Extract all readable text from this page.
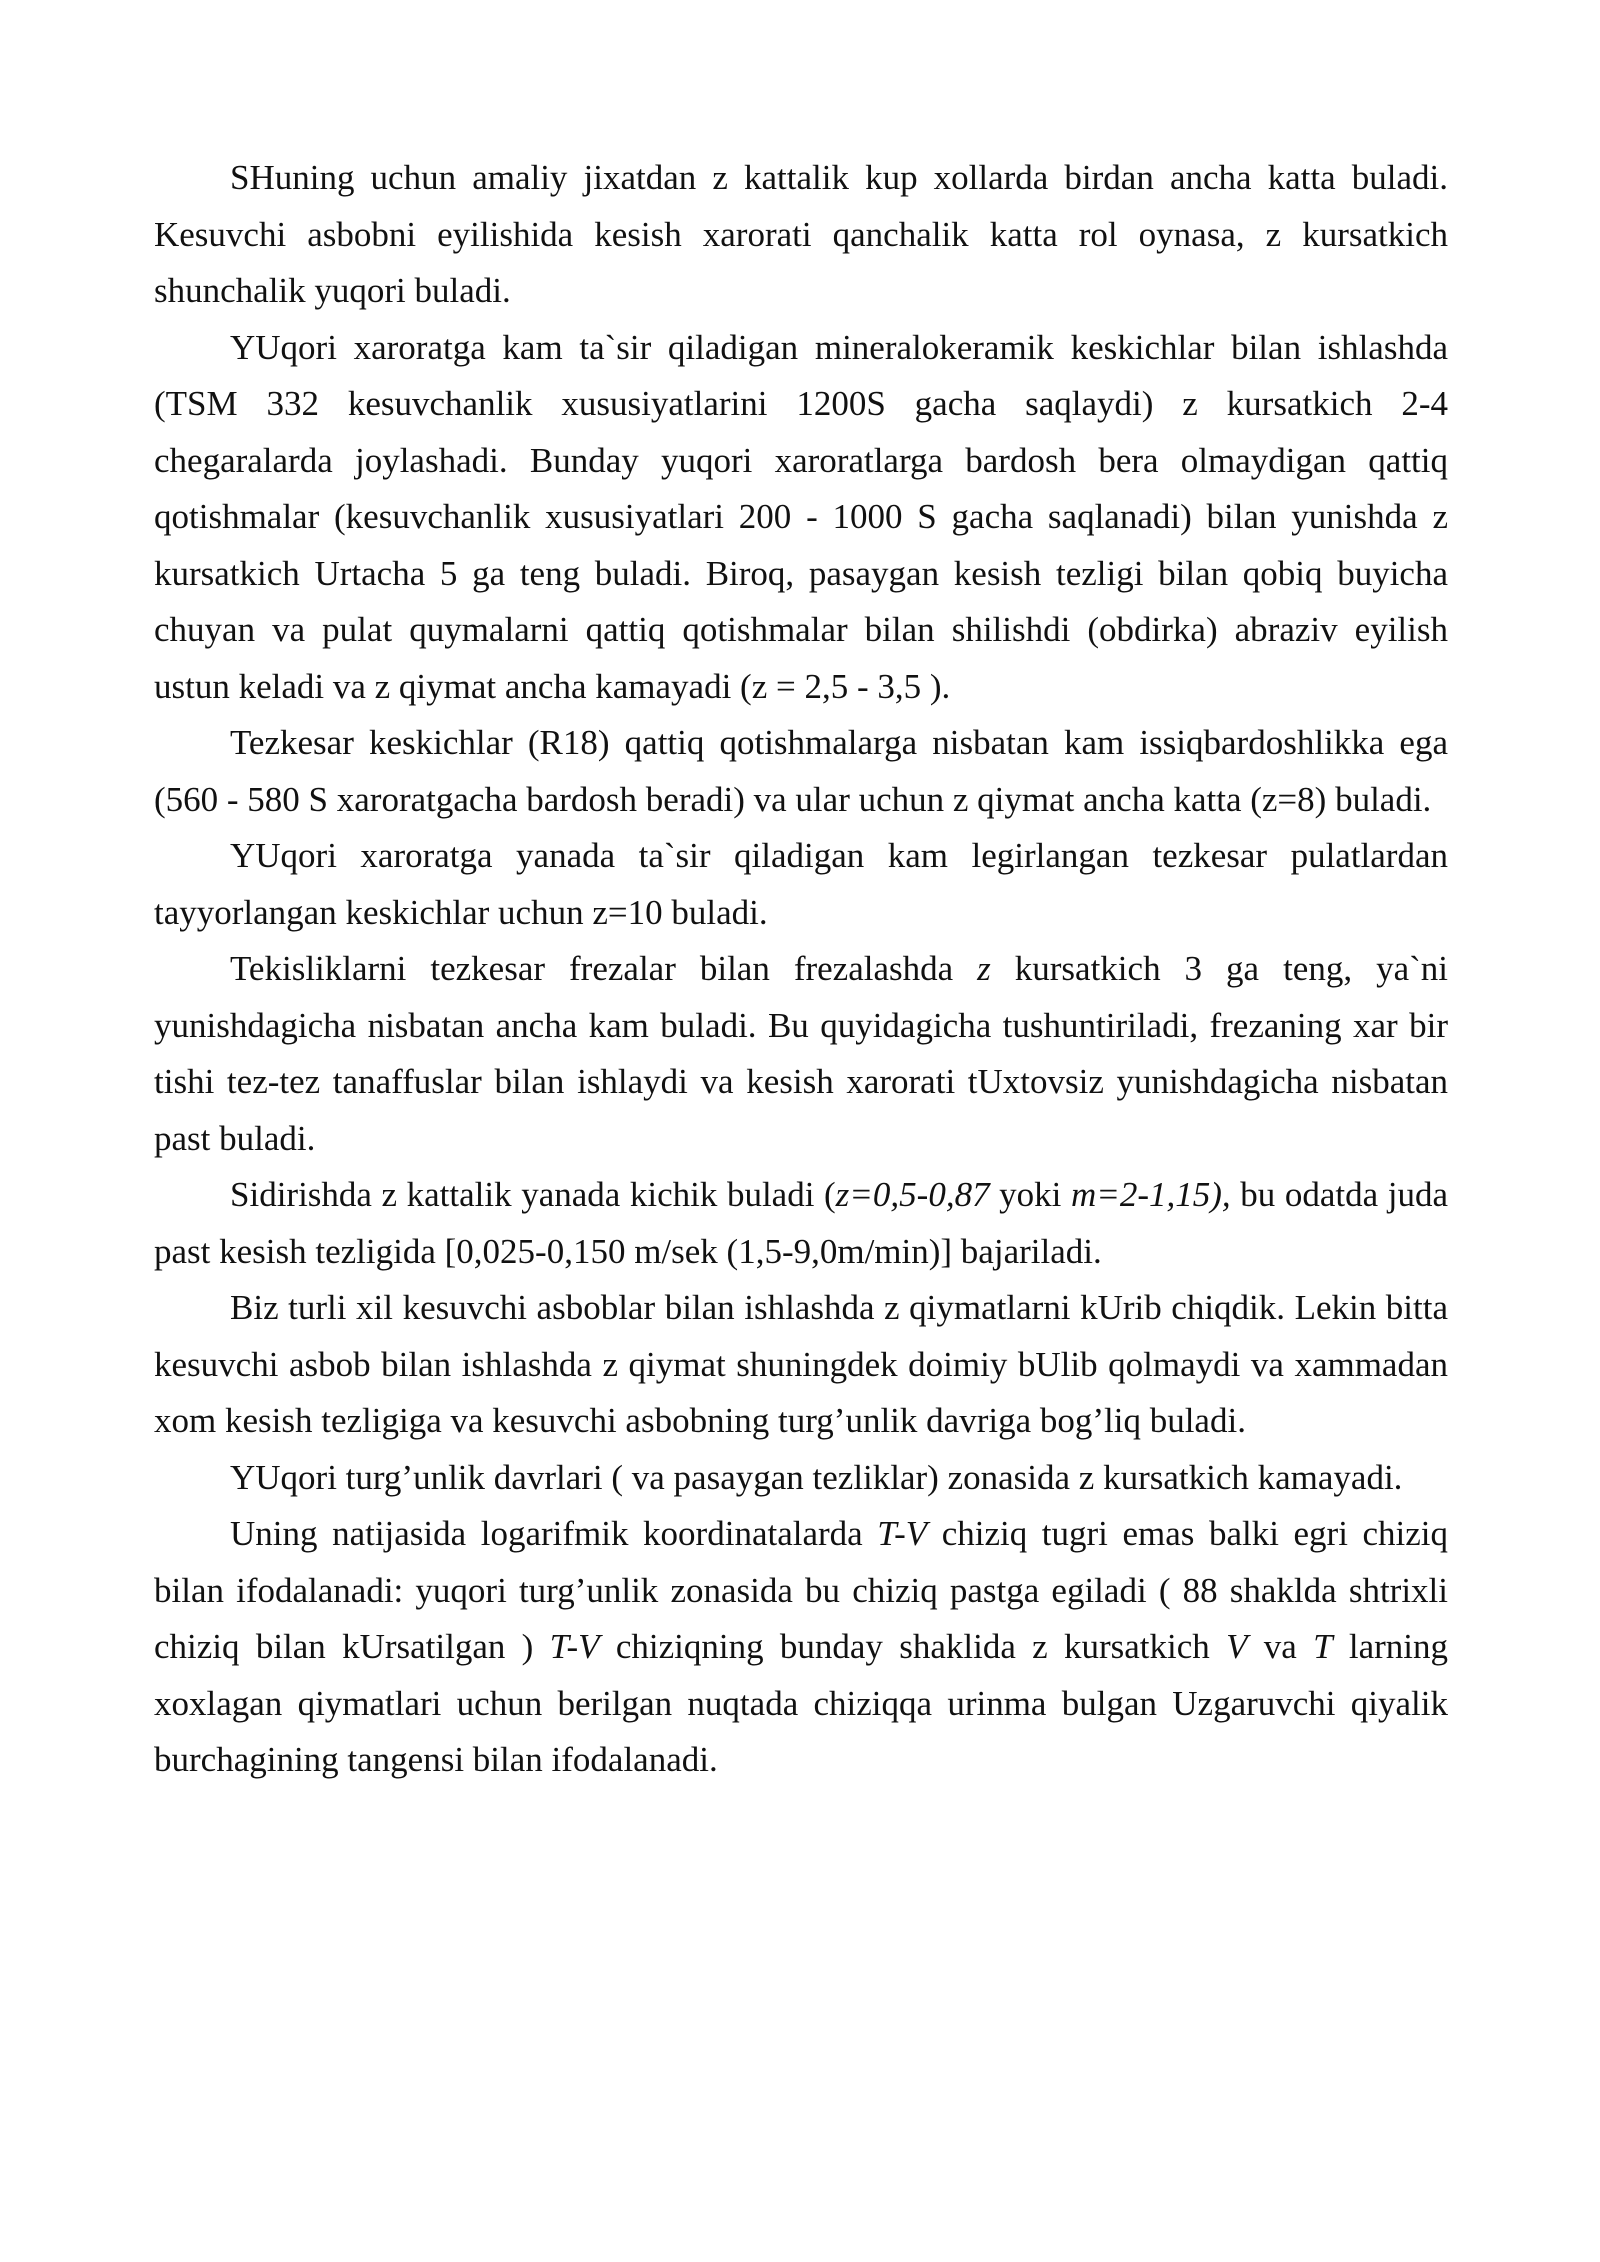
SHuning uchun amaliy jixatdan z kattalik kup xollarda birdan ancha katta buladi. Kesuvchi asbobni eyilishida kesish xarorati qanchalik katta rol oynasa, z kursatkich shunchalik yuqori buladi.

YUqori xaroratga kam ta`sir qiladigan mineralokeramik keskichlar bilan ishlashda (TSM 332 kesuvchanlik xususiyatlarini 1200S gacha saqlaydi) z kursatkich 2-4 chegaralarda joylashadi. Bunday yuqori xaroratlarga bardosh bera olmaydigan qattiq qotishmalar (kesuvchanlik xususiyatlari 200 - 1000 S gacha saqlanadi) bilan yunishda z kursatkich Urtacha 5 ga teng buladi. Biroq, pasaygan kesish tezligi bilan qobiq buyicha chuyan va pulat quymalarni qattiq qotishmalar bilan shilishdi (obdirka) abraziv eyilish ustun keladi va z qiymat ancha kamayadi (z = 2,5 - 3,5 ).

Tezkesar keskichlar (R18) qattiq qotishmalarga nisbatan kam issiqbardoshlikka ega (560 - 580 S xaroratgacha bardosh beradi) va ular uchun z qiymat ancha katta (z=8) buladi.

YUqori xaroratga yanada ta`sir qiladigan kam legirlangan tezkesar pulatlardan tayyorlangan keskichlar uchun z=10 buladi.

Tekisliklarni tezkesar frezalar bilan frezalashda z kursatkich 3 ga teng, ya`ni yunishdagicha nisbatan ancha kam buladi. Bu quyidagicha tushuntiriladi, frezaning xar bir tishi tez-tez tanaffuslar bilan ishlaydi va kesish xarorati tUxtovsiz yunishdagicha nisbatan past buladi.

Sidirishda z kattalik yanada kichik buladi (z=0,5-0,87 yoki m=2-1,15), bu odatda juda past kesish tezligida [0,025-0,150 m/sek (1,5-9,0m/min)] bajariladi.

Biz turli xil kesuvchi asboblar bilan ishlashda z qiymatlarni kUrib chiqdik. Lekin bitta kesuvchi asbob bilan ishlashda z qiymat shuningdek doimiy bUlib qolmaydi va xammadan xom kesish tezligiga va kesuvchi asbobning turg’unlik davriga bog’liq buladi.

YUqori turg’unlik davrlari ( va pasaygan tezliklar) zonasida z kursatkich kamayadi.

Uning natijasida logarifmik koordinatalarda T-V chiziq tugri emas balki egri chiziq bilan ifodalanadi: yuqori turg’unlik zonasida bu chiziq pastga egiladi ( 88 shaklda shtrixli chiziq bilan kUrsatilgan ) T-V chiziqning bunday shaklida z kursatkich V va T larning xoxlagan qiymatlari uchun berilgan nuqtada chiziqqa urinma bulgan Uzgaruvchi qiyalik burchagining tangensi bilan ifodalanadi.
